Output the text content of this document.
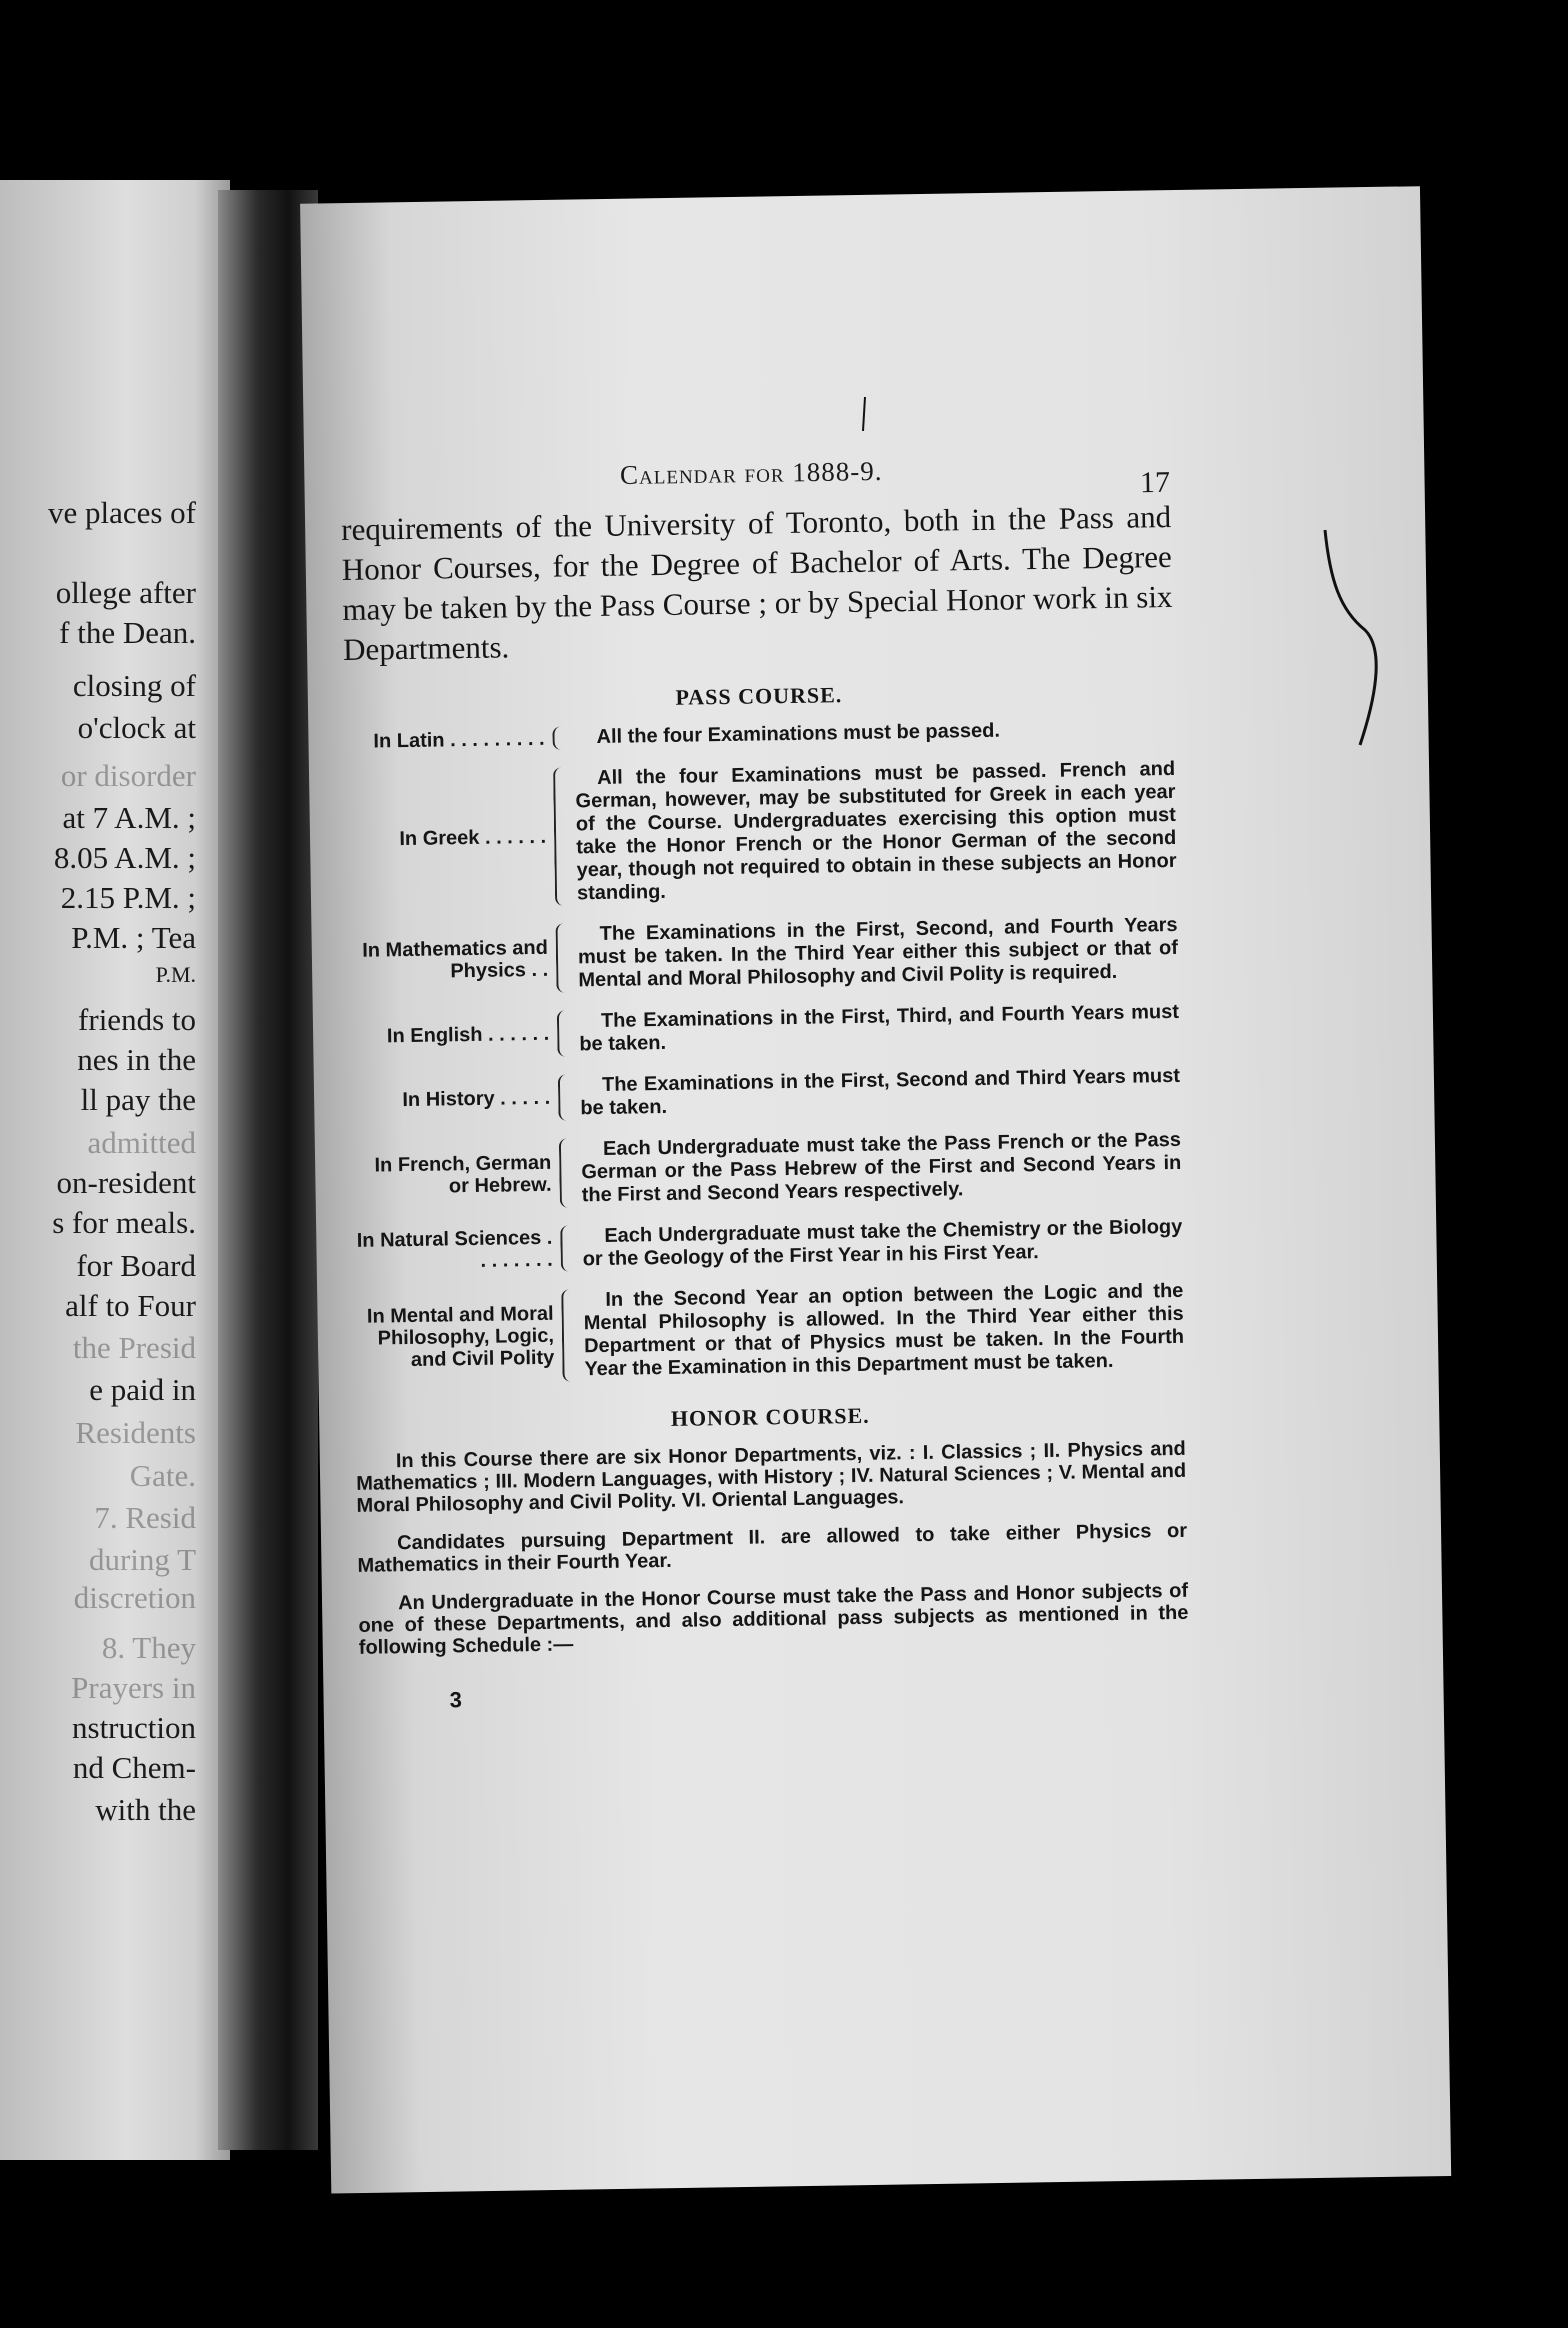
ve places of
ollege after
f the Dean.
closing of
o'clock at
or disorder
at 7 A.M. ;
8.05 A.M. ;
2.15 P.M. ;
P.M. ; Tea
P.M.
friends to
nes in the
ll pay the
admitted
on-resident
s for meals.
for Board
alf to Four
the Presid
e paid in
Residents
Gate.
7. Resid
during T
discretion
8. They
Prayers in
nstruction
nd Chem-
with the
Calendar for 1888-9.	17

requirements of the University of Toronto, both in the Pass and Honor Courses, for the Degree of Bachelor of Arts. The Degree may be taken by the Pass Course ; or by Special Honor work in six Departments.

PASS COURSE.
In Latin . . . . . . . . .	All the four Examinations must be passed.
In Greek . . . . . .
All the four Examinations must be passed. French and German, however, may be substituted for Greek in each year of the Course. Undergraduates exercising this option must take the Honor French or the Honor German of the second year, though not required to obtain in these subjects an Honor standing.
In Mathematics and Physics . .
The Examinations in the First, Second, and Fourth Years must be taken. In the Third Year either this subject or that of Mental and Moral Philosophy and Civil Polity is required.
In English . . . . . .
The Examinations in the First, Third, and Fourth Years must be taken.
In History . . . . .
The Examinations in the First, Second and Third Years must be taken.
In French, German or Hebrew.
Each Undergraduate must take the Pass French or the Pass German or the Pass Hebrew of the First and Second Years in the First and Second Years respectively.
In Natural Sciences . . . . . . . .
Each Undergraduate must take the Chemistry or the Biology or the Geology of the First Year in his First Year.
In Mental and Moral Philosophy, Logic, and Civil Polity
In the Second Year an option between the Logic and the Mental Philosophy is allowed. In the Third Year either this Department or that of Physics must be taken. In the Fourth Year the Examination in this Department must be taken.
HONOR COURSE.

In this Course there are six Honor Departments, viz. : I. Classics ; II. Physics and Mathematics ; III. Modern Languages, with History ; IV. Natural Sciences ; V. Mental and Moral Philosophy and Civil Polity. VI. Oriental Languages.

Candidates pursuing Department II. are allowed to take either Physics or Mathematics in their Fourth Year.

An Undergraduate in the Honor Course must take the Pass and Honor subjects of one of these Departments, and also additional pass subjects as mentioned in the following Schedule :—

3
